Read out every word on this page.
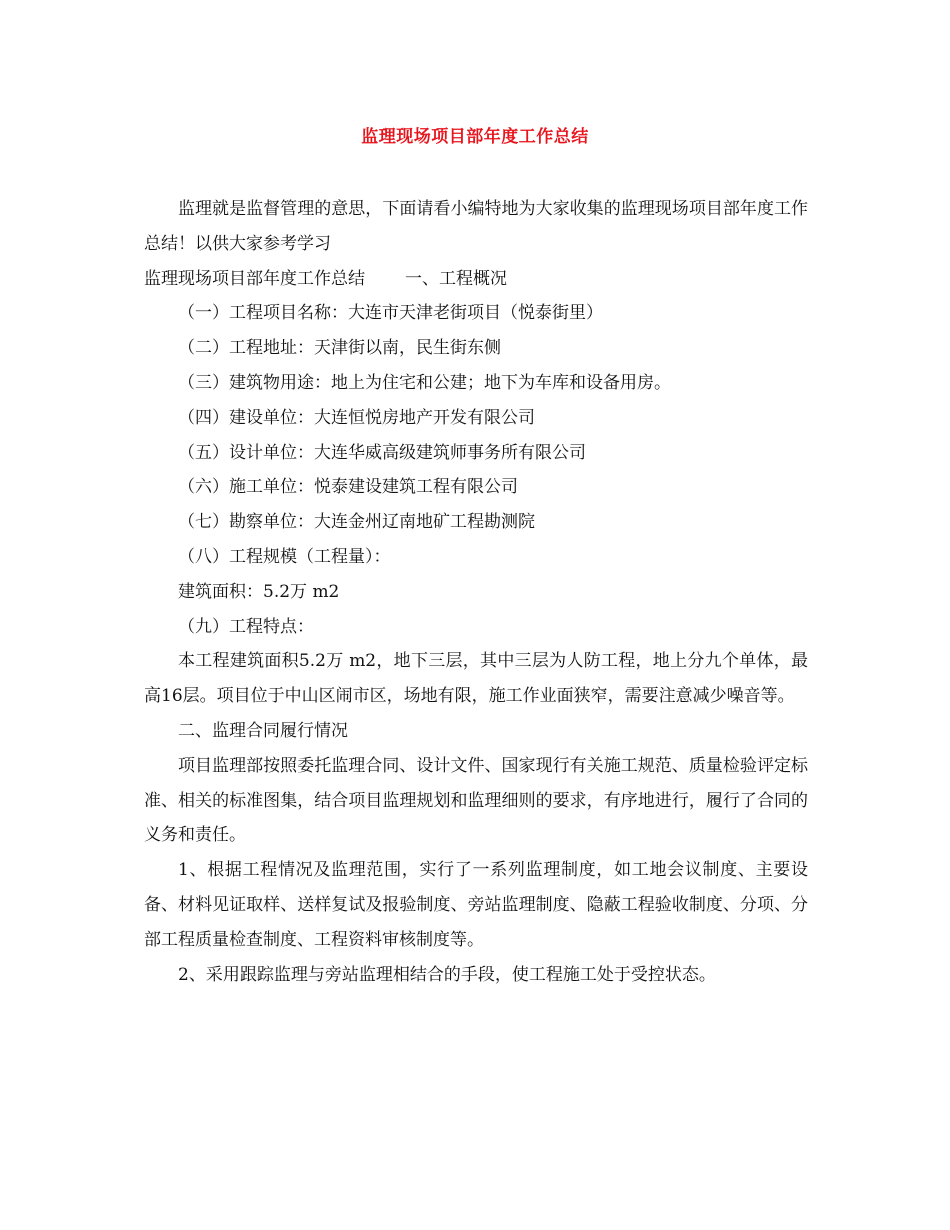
监理现场项目部年度工作总结

监理就是监督管理的意思，下面请看小编特地为大家收集的监理现场项目部年度工作总结！以供大家参考学习

监理现场项目部年度工作总结 一、工程概况

（一）工程项目名称：大连市天津老街项目（悦泰街里）

（二）工程地址：天津街以南，民生街东侧

（三）建筑物用途：地上为住宅和公建；地下为车库和设备用房。

（四）建设单位：大连恒悦房地产开发有限公司

（五）设计单位：大连华威高级建筑师事务所有限公司

（六）施工单位：悦泰建设建筑工程有限公司

（七）勘察单位：大连金州辽南地矿工程勘测院

（八）工程规模（工程量）：

建筑面积：5.2万 m2

（九）工程特点：

本工程建筑面积5.2万 m2，地下三层，其中三层为人防工程，地上分九个单体，最高16层。项目位于中山区闹市区，场地有限，施工作业面狭窄，需要注意减少噪音等。

二、监理合同履行情况

项目监理部按照委托监理合同、设计文件、国家现行有关施工规范、质量检验评定标准、相关的标准图集，结合项目监理规划和监理细则的要求，有序地进行，履行了合同的义务和责任。

1、根据工程情况及监理范围，实行了一系列监理制度，如工地会议制度、主要设备、材料见证取样、送样复试及报验制度、旁站监理制度、隐蔽工程验收制度、分项、分部工程质量检查制度、工程资料审核制度等。

2、采用跟踪监理与旁站监理相结合的手段，使工程施工处于受控状态。
